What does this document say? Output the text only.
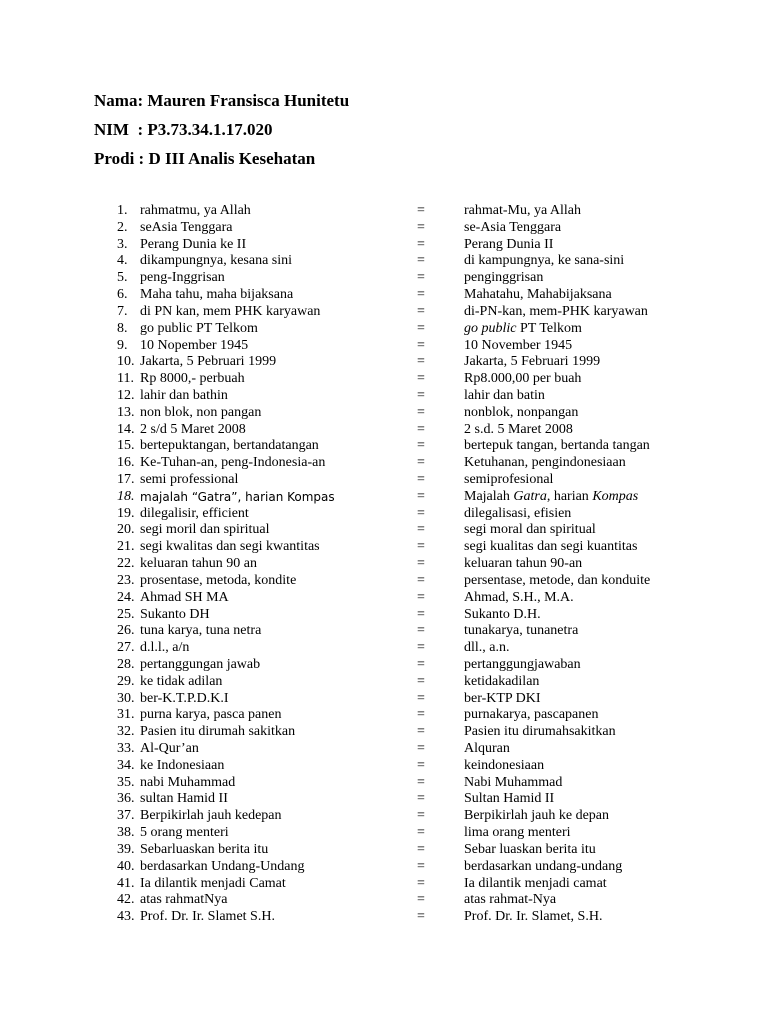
Nama: Mauren Fransisca Hunitetu
NIM  : P3.73.34.1.17.020
Prodi : D III Analis Kesehatan
1. rahmatmu, ya Allah	=	rahmat-Mu, ya Allah
2. seAsia Tenggara	=	se-Asia Tenggara
3. Perang Dunia ke II	=	Perang Dunia II
4. dikampungnya, kesana sini	=	di kampungnya, ke sana-sini
5. peng-Inggrisan	=	penginggrisan
6. Maha tahu, maha bijaksana	=	Mahatahu, Mahabijaksana
7. di PN kan, mem PHK karyawan	=	di-PN-kan, mem-PHK karyawan
8. go public PT Telkom	=	go public PT Telkom
9. 10 Nopember 1945	=	10 November 1945
10. Jakarta, 5 Pebruari 1999	=	Jakarta, 5 Februari 1999
11. Rp 8000,- perbuah	=	Rp8.000,00 per buah
12. lahir dan bathin	=	lahir dan batin
13. non blok, non pangan	=	nonblok, nonpangan
14. 2 s/d 5 Maret 2008	=	2 s.d. 5 Maret 2008
15. bertepuktangan, bertandatangan	=	bertepuk tangan, bertanda tangan
16. Ke-Tuhan-an, peng-Indonesia-an	=	Ketuhanan, pengindonesiaan
17. semi professional	=	semiprofesional
18. majalah “Gatra”, harian Kompas	=	Majalah Gatra, harian Kompas
19. dilegalisir, efficient	=	dilegalisasi, efisien
20. segi moril dan spiritual	=	segi moral dan spiritual
21. segi kwalitas dan segi kwantitas	=	segi kualitas dan segi kuantitas
22. keluaran tahun 90 an	=	keluaran tahun 90-an
23. prosentase, metoda, kondite	=	persentase, metode, dan konduite
24. Ahmad SH MA	=	Ahmad, S.H., M.A.
25. Sukanto DH	=	Sukanto D.H.
26. tuna karya, tuna netra	=	tunakarya, tunanetra
27. d.l.l., a/n	=	dll., a.n.
28. pertanggungan jawab	=	pertanggungjawaban
29. ke tidak adilan	=	ketidakadilan
30. ber-K.T.P.D.K.I	=	ber-KTP DKI
31. purna karya, pasca panen	=	purnakarya, pascapanen
32. Pasien itu dirumah sakitkan	=	Pasien itu dirumahsakitkan
33. Al-Qur’an	=	Alquran
34. ke Indonesiaan	=	keindonesiaan
35. nabi Muhammad	=	Nabi Muhammad
36. sultan Hamid II	=	Sultan Hamid II
37. Berpikirlah jauh kedepan	=	Berpikirlah jauh ke depan
38. 5 orang menteri	=	lima orang menteri
39. Sebarluaskan berita itu	=	Sebar luaskan berita itu
40. berdasarkan Undang-Undang	=	berdasarkan undang-undang
41. Ia dilantik menjadi Camat	=	Ia dilantik menjadi camat
42. atas rahmatNya	=	atas rahmat-Nya
43. Prof. Dr. Ir. Slamet S.H.	=	Prof. Dr. Ir. Slamet, S.H.
